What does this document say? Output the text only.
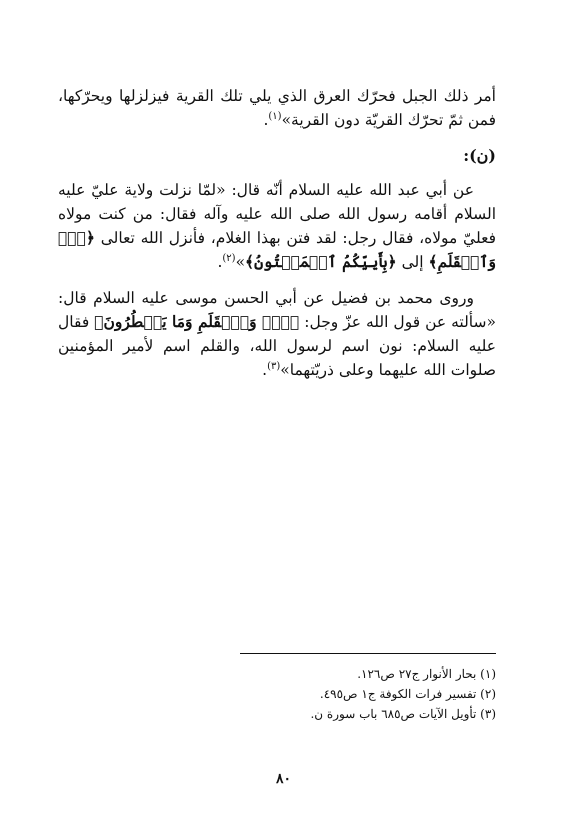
أمر ذلك الجبل فحرّك العرق الذي يلي تلك القرية فيزلزلها ويحرّكها، فمن ثمّ تحرّك القريّة دون القرية»$^{(١)}$.

(ن):

عن أبي عبد الله عليه السلام أنّه قال: «لمّا نزلت ولاية عليّ عليه السلام أقامه رسول الله صلى الله عليه وآله فقال: من كنت مولاه فعليّ مولاه، فقال رجل: لقد فتن بهذا الغلام، فأنزل الله تعالى ﴿نٓۚ وَٱلۡقَلَمِ﴾ إلى ﴿بِأَييِّكُمُ ٱلۡمَفۡتُونُ﴾»$^{(٢)}$.

وروى محمد بن فضيل عن أبي الحسن موسى عليه السلام قال: «سألته عن قول الله عزّ وجل: ﴿نٓۚ وَٱلۡقَلَمِ وَمَا يَسۡطُرُونَ﴾ فقال عليه السلام: نون اسم لرسول الله، والقلم اسم لأمير المؤمنين صلوات الله عليهما وعلى ذريّتهما»$^{(٣)}$.

(١) بحار الأنوار ج٢٧ ص١٢٦.

(٢) تفسير فرات الكوفة ج١ ص٤٩٥.

(٣) تأويل الآيات ص٦٨٥ باب سورة ن.

٨٠
